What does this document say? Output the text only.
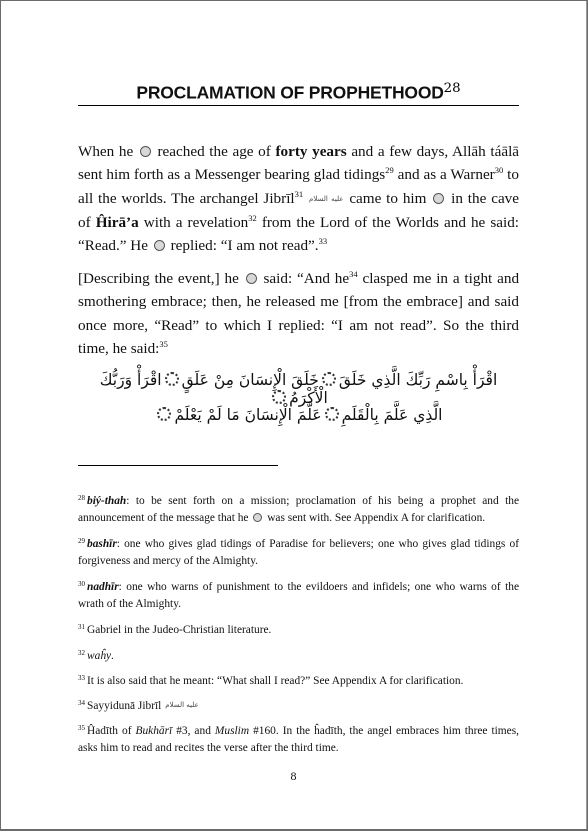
PROCLAMATION OF PROPHETHOOD$^{28}$

When he reached the age of forty years and a few days, Allāh táālā sent him forth as a Messenger bearing glad tidings$^{29}$ and as a Warner$^{30}$ to all the worlds. The archangel Jibrīl$^{31}$ عليه السلام came to him in the cave of Ĥirā’a with a revelation$^{32}$ from the Lord of the Worlds and he said: “Read.” He replied: “I am not read”.$^{33}$

[Describing the event,] he said: “And $he^{34}$ clasped me in a tight and smothering embrace; then, he released me [from the embrace] and said once more, “Read” to which I replied: “I am not read”. So the third time, he said:$^{35}$

اقْرَأْ بِاسْمِ رَبِّكَ الَّذِي خَلَقَخَلَقَ الْإِنسَانَ مِنْ عَلَقٍاقْرَأْ وَرَبُّكَ الْأَكْرَمُ
الَّذِي عَلَّمَ بِالْقَلَمِعَلَّمَ الْإِنسَانَ مَا لَمْ يَعْلَمْ
$^{28}$ biý-thah: to be sent forth on a mission; proclamation of his being a prophet and the announcement of the message that he was sent with. See Appendix A for clarification.
$^{29}$ bashīr: one who gives glad tidings of Paradise for believers; one who gives glad tidings of forgiveness and mercy of the Almighty.
$^{30}$ nadhīr: one who warns of punishment to the evildoers and infidels; one who warns of the wrath of the Almighty.
$^{31}$ Gabriel in the Judeo-Christian literature.
$^{32}$ waĥy.
$^{33}$ It is also said that he meant: “What shall I read?” See Appendix A for clarification.
$^{34}$ Sayyidunā Jibrīl عليه السلام
$^{35}$ Ĥadīth of Bukhārī #3, and Muslim #160. In the ĥadīth, the angel embraces him three times, asks him to read and recites the verse after the third time.
8
